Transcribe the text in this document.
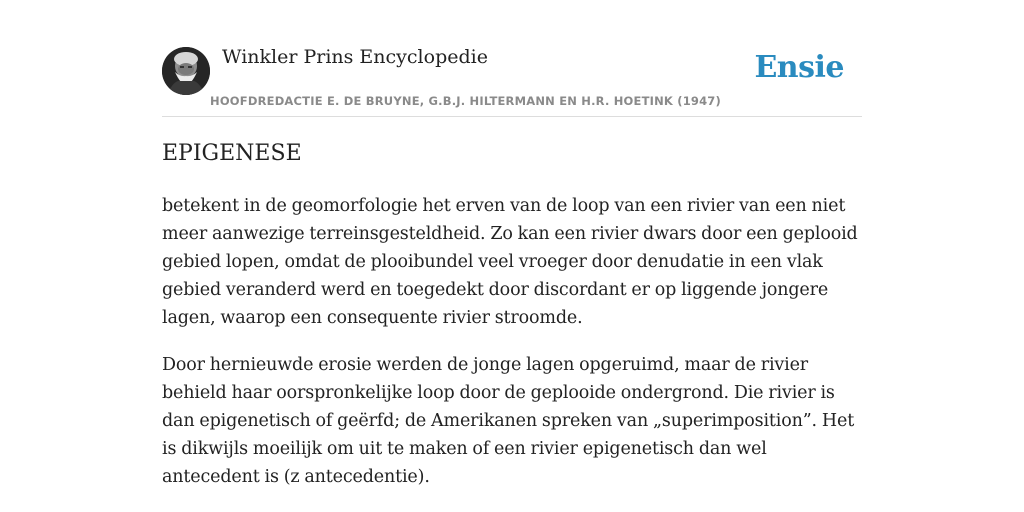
Winkler Prins Encyclopedie
HOOFDREDACTIE E. DE BRUYNE, G.B.J. HILTERMANN EN H.R. HOETINK (1947)
Ensie
EPIGENESE

betekent in de geomorfologie het erven van de loop van een rivier van een niet meer aanwezige terreinsgesteldheid. Zo kan een rivier dwars door een geplooid gebied lopen, omdat de plooibundel veel vroeger door denudatie in een vlak gebied veranderd werd en toegedekt door discordant er op liggende jongere lagen, waarop een consequente rivier stroomde.

Door hernieuwde erosie werden de jonge lagen opgeruimd, maar de rivier behield haar oorspronkelijke loop door de geplooide ondergrond. Die rivier is dan epigenetisch of geërfd; de Amerikanen spreken van „superimposition”. Het is dikwijls moeilijk om uit te maken of een rivier epigenetisch dan wel antecedent is (z antecedentie).
